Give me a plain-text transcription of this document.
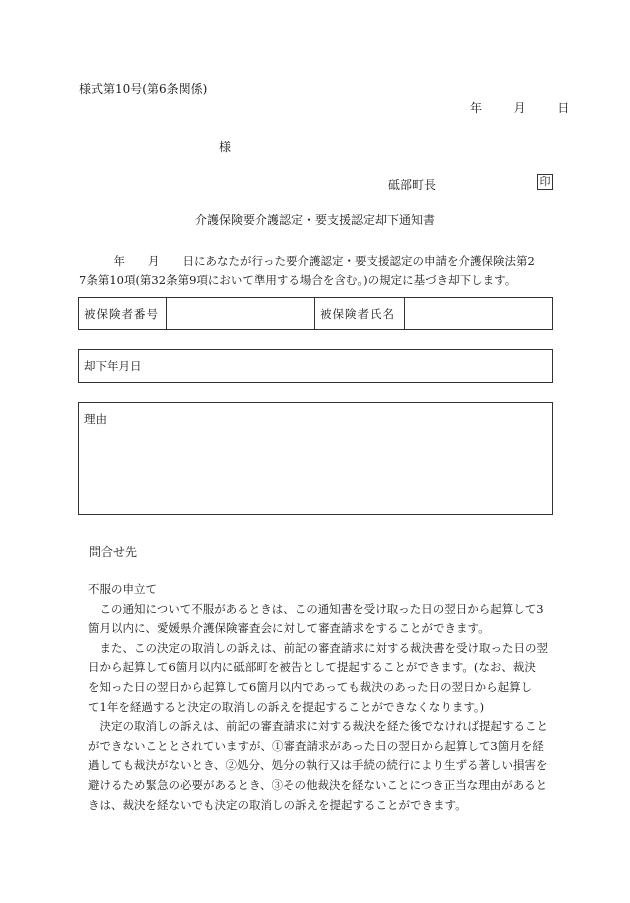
様式第10号(第6条関係)
年	月	日
様
砥部町長	印
介護保険要介護認定・要支援認定却下通知書
　　　年　　月　　日にあなたが行った要介護認定・要支援認定の申請を介護保険法第2
7条第10項(第32条第9項において準用する場合を含む。)の規定に基づき却下します。
被保険者番号	被保険者氏名
却下年月日
理由
問合せ先
不服の申立て
　この通知について不服があるときは、この通知書を受け取った日の翌日から起算して3
箇月以内に、愛媛県介護保険審査会に対して審査請求をすることができます。
　また、この決定の取消しの訴えは、前記の審査請求に対する裁決書を受け取った日の翌
日から起算して6箇月以内に砥部町を被告として提起することができます。(なお、裁決
を知った日の翌日から起算して6箇月以内であっても裁決のあった日の翌日から起算し
て1年を経過すると決定の取消しの訴えを提起することができなくなります。)
　決定の取消しの訴えは、前記の審査請求に対する裁決を経た後でなければ提起すること
ができないこととされていますが、①審査請求があった日の翌日から起算して3箇月を経
過しても裁決がないとき、②処分、処分の執行又は手続の続行により生ずる著しい損害を
避けるため緊急の必要があるとき、③その他裁決を経ないことにつき正当な理由があると
きは、裁決を経ないでも決定の取消しの訴えを提起することができます。
